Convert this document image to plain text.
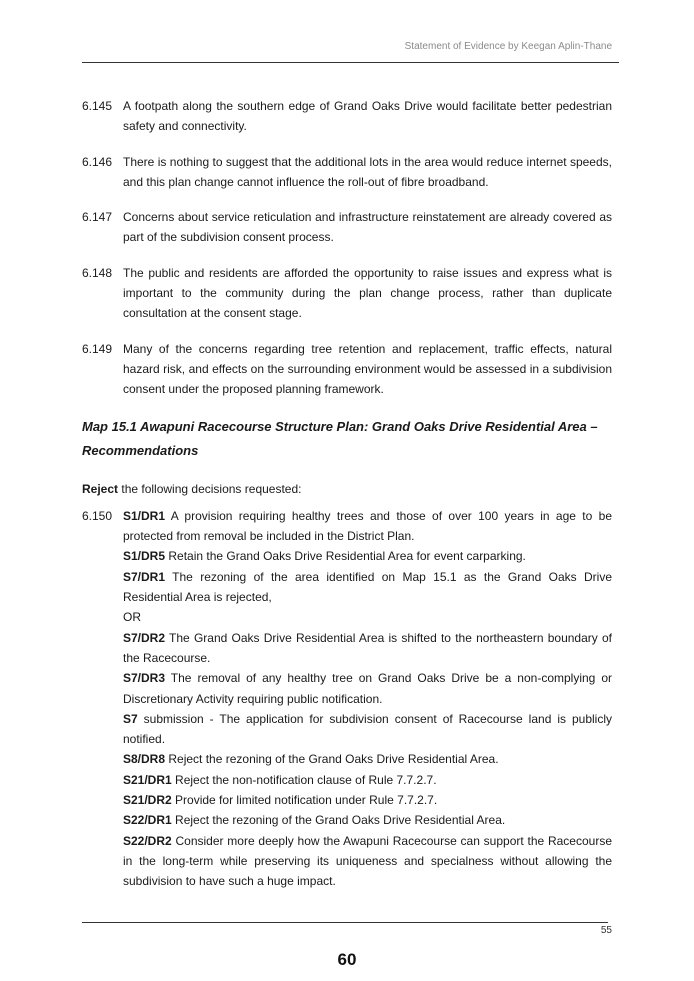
Statement of Evidence by Keegan Aplin-Thane
6.145 A footpath along the southern edge of Grand Oaks Drive would facilitate better pedestrian safety and connectivity.
6.146 There is nothing to suggest that the additional lots in the area would reduce internet speeds, and this plan change cannot influence the roll-out of fibre broadband.
6.147 Concerns about service reticulation and infrastructure reinstatement are already covered as part of the subdivision consent process.
6.148 The public and residents are afforded the opportunity to raise issues and express what is important to the community during the plan change process, rather than duplicate consultation at the consent stage.
6.149 Many of the concerns regarding tree retention and replacement, traffic effects, natural hazard risk, and effects on the surrounding environment would be assessed in a subdivision consent under the proposed planning framework.
Map 15.1 Awapuni Racecourse Structure Plan: Grand Oaks Drive Residential Area – Recommendations
Reject the following decisions requested:
6.150 S1/DR1 A provision requiring healthy trees and those of over 100 years in age to be protected from removal be included in the District Plan.
S1/DR5 Retain the Grand Oaks Drive Residential Area for event carparking.
S7/DR1 The rezoning of the area identified on Map 15.1 as the Grand Oaks Drive Residential Area is rejected,
OR
S7/DR2 The Grand Oaks Drive Residential Area is shifted to the northeastern boundary of the Racecourse.
S7/DR3 The removal of any healthy tree on Grand Oaks Drive be a non-complying or Discretionary Activity requiring public notification.
S7 submission - The application for subdivision consent of Racecourse land is publicly notified.
S8/DR8 Reject the rezoning of the Grand Oaks Drive Residential Area.
S21/DR1 Reject the non-notification clause of Rule 7.7.2.7.
S21/DR2 Provide for limited notification under Rule 7.7.2.7.
S22/DR1 Reject the rezoning of the Grand Oaks Drive Residential Area.
S22/DR2 Consider more deeply how the Awapuni Racecourse can support the Racecourse in the long-term while preserving its uniqueness and specialness without allowing the subdivision to have such a huge impact.
55
60
